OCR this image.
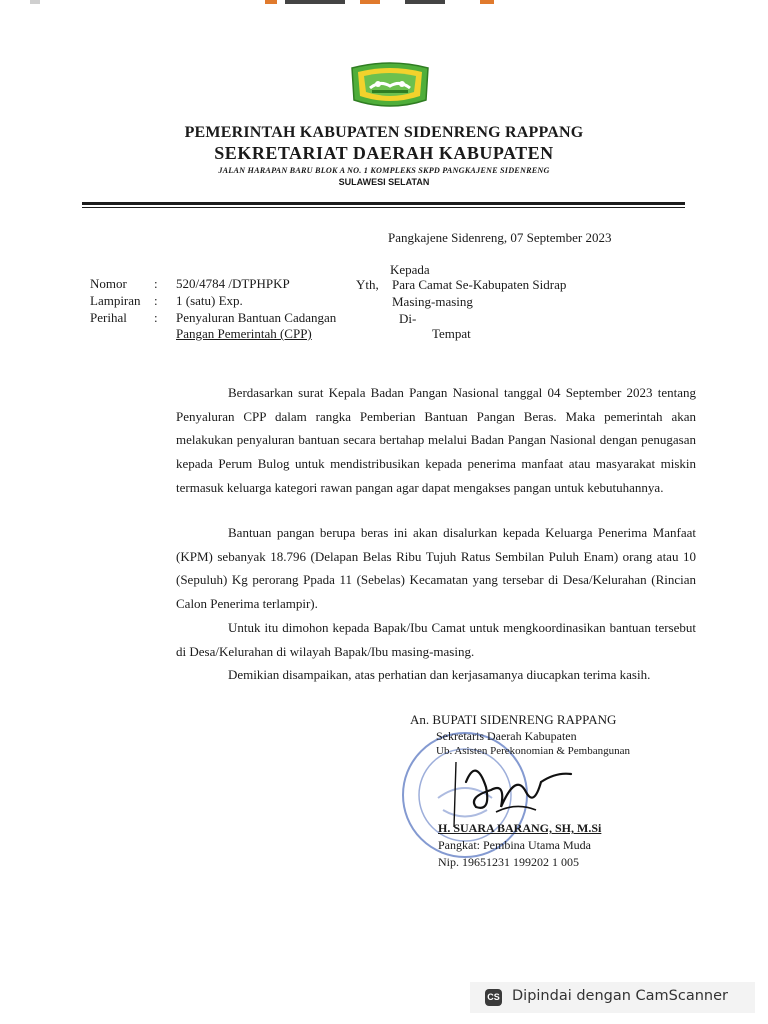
PEMERINTAH KABUPATEN SIDENRENG RAPPANG
SEKRETARIAT DAERAH KABUPATEN
JALAN HARAPAN BARU BLOK A NO. 1 KOMPLEKS SKPD PANGKAJENE SIDENRENG
SULAWESI SELATAN
Pangkajene Sidenreng, 07 September 2023
Nomor : 520/4784 /DTPHPKP
Lampiran : 1 (satu) Exp.
Perihal : Penyaluran Bantuan Cadangan
Pangan Pemerintah (CPP)
Kepada
Yth, Para Camat Se-Kabupaten Sidrap
Masing-masing
Di-
Tempat
Berdasarkan surat Kepala Badan Pangan Nasional tanggal 04 September 2023 tentang Penyaluran CPP dalam rangka Pemberian Bantuan Pangan Beras. Maka pemerintah akan melakukan penyaluran bantuan secara bertahap melalui Badan Pangan Nasional dengan penugasan kepada Perum Bulog untuk mendistribusikan kepada penerima manfaat atau masyarakat miskin termasuk keluarga kategori rawan pangan agar dapat mengakses pangan untuk kebutuhannya.
Bantuan pangan berupa beras ini akan disalurkan kepada Keluarga Penerima Manfaat (KPM) sebanyak 18.796 (Delapan Belas Ribu Tujuh Ratus Sembilan Puluh Enam) orang atau 10 (Sepuluh) Kg perorang Ppada 11 (Sebelas) Kecamatan yang tersebar di Desa/Kelurahan (Rincian Calon Penerima terlampir).
Untuk itu dimohon kepada Bapak/Ibu Camat untuk mengkoordinasikan bantuan tersebut di Desa/Kelurahan di wilayah Bapak/Ibu masing-masing.
Demikian disampaikan, atas perhatian dan kerjasamanya diucapkan terima kasih.
An. BUPATI SIDENRENG RAPPANG
Sekretaris Daerah Kabupaten
Ub. Asisten Perekonomian & Pembangunan
H. SUARA BARANG, SH, M.Si
Pangkat: Pembina Utama Muda
Nip. 19651231 199202 1 005
CS Dipindai dengan CamScanner
